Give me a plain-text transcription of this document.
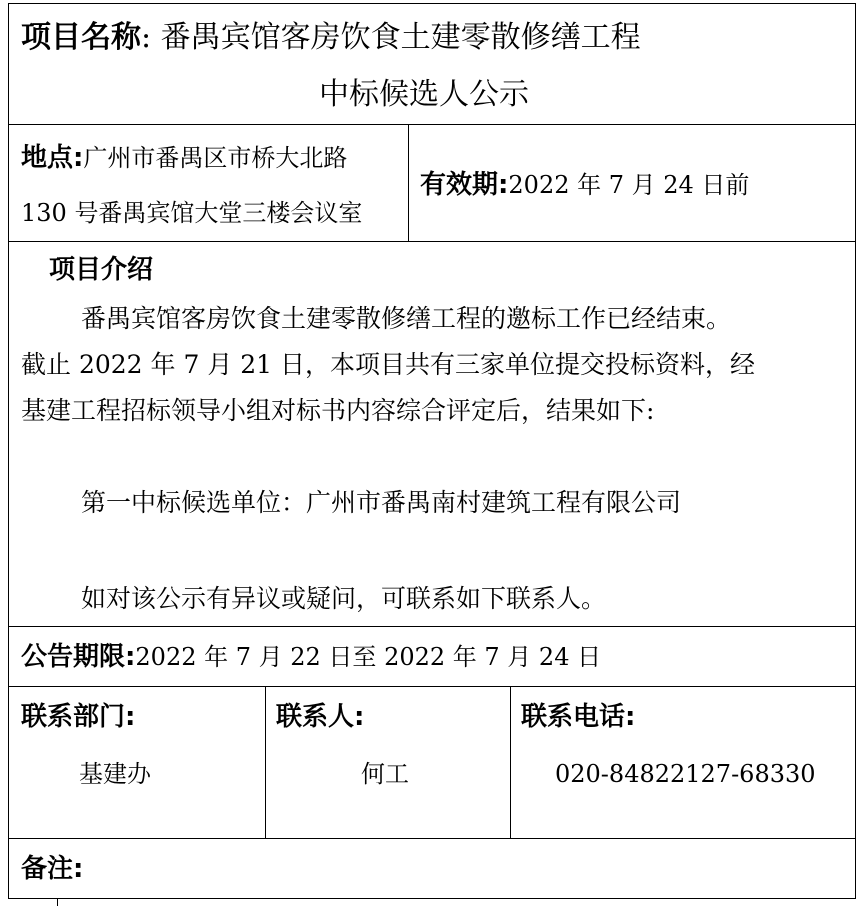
项目名称: 番禺宾馆客房饮食土建零散修缮工程
中标候选人公示
地点:广州市番禺区市桥大北路
130 号番禺宾馆大堂三楼会议室
有效期:2022 年 7 月 24 日前
项目介绍
番禺宾馆客房饮食土建零散修缮工程的邀标工作已经结束。
截止 2022 年 7 月 21 日，本项目共有三家单位提交投标资料，经
基建工程招标领导小组对标书内容综合评定后，结果如下:
第一中标候选单位：广州市番禺南村建筑工程有限公司
如对该公示有异议或疑问，可联系如下联系人。
公告期限:2022 年 7 月 22 日至 2022 年 7 月 24 日
联系部门:
基建办
联系人:
何工
联系电话:
020-84822127-68330
备注:
